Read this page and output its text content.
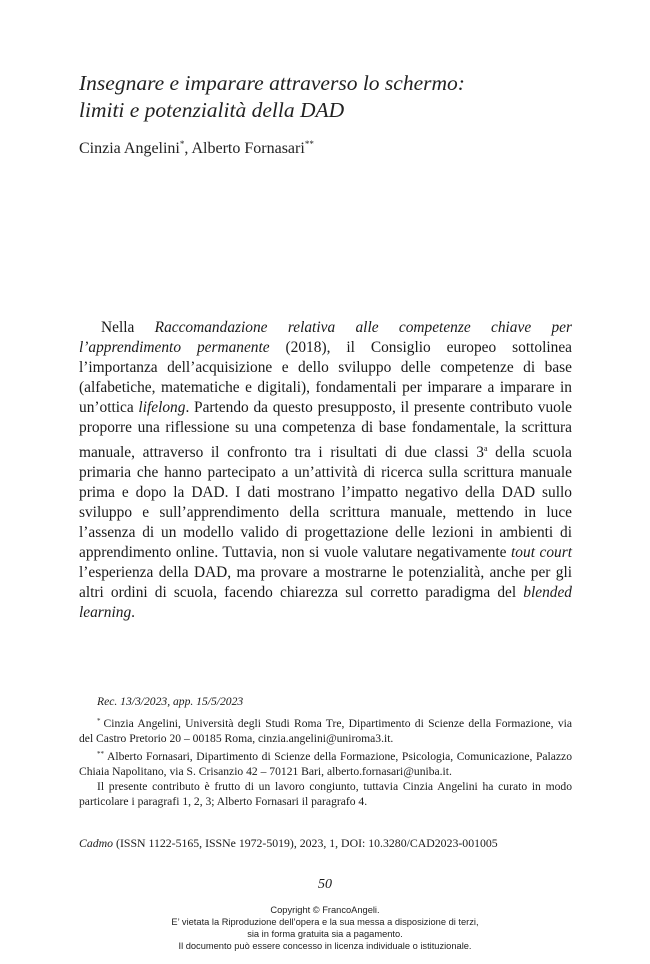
Insegnare e imparare attraverso lo schermo:
limiti e potenzialità della DAD
Cinzia Angelini*, Alberto Fornasari**
Nella Raccomandazione relativa alle competenze chiave per l’apprendimento permanente (2018), il Consiglio europeo sottolinea l’importanza dell’acquisizione e dello sviluppo delle competenze di base (alfabetiche, matematiche e digitali), fondamentali per imparare a imparare in un’ottica lifelong. Partendo da questo presupposto, il presente contributo vuole proporre una riflessione su una competenza di base fondamentale, la scrittura manuale, attraverso il confronto tra i risultati di due classi 3$^a$ della scuola primaria che hanno partecipato a un’attività di ricerca sulla scrittura manuale prima e dopo la DAD. I dati mostrano l’impatto negativo della DAD sullo sviluppo e sull’apprendimento della scrittura manuale, mettendo in luce l’assenza di un modello valido di progettazione delle lezioni in ambienti di apprendimento online. Tuttavia, non si vuole valutare negativamente tout court l’esperienza della DAD, ma provare a mostrarne le potenzialità, anche per gli altri ordini di scuola, facendo chiarezza sul corretto paradigma del blended learning.
Rec. 13/3/2023, app. 15/5/2023

* Cinzia Angelini, Università degli Studi Roma Tre, Dipartimento di Scienze della Formazione, via del Castro Pretorio 20 – 00185 Roma, cinzia.angelini@uniroma3.it.

** Alberto Fornasari, Dipartimento di Scienze della Formazione, Psicologia, Comunicazione, Palazzo Chiaia Napolitano, via S. Crisanzio 42 – 70121 Bari, alberto.fornasari@uniba.it.

Il presente contributo è frutto di un lavoro congiunto, tuttavia Cinzia Angelini ha curato in modo particolare i paragrafi 1, 2, 3; Alberto Fornasari il paragrafo 4.

Cadmo (ISSN 1122-5165, ISSNe 1972-5019), 2023, 1, DOI: 10.3280/CAD2023-001005
50
Copyright © FrancoAngeli.
E’ vietata la Riproduzione dell’opera e la sua messa a disposizione di terzi,
sia in forma gratuita sia a pagamento.
Il documento può essere concesso in licenza individuale o istituzionale.
